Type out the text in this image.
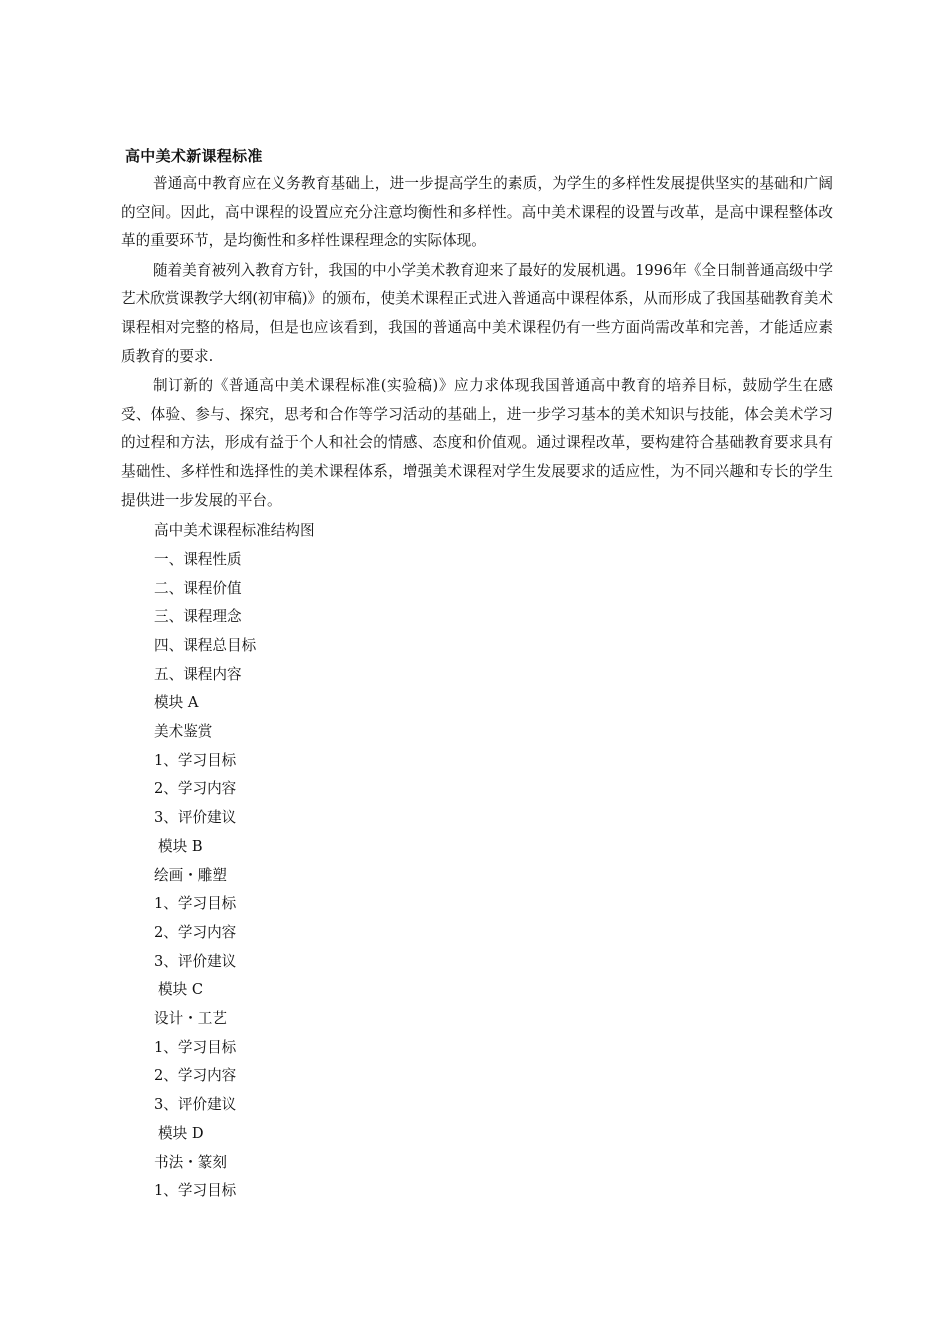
高中美术新课程标准

普通高中教育应在义务教育基础上，进一步提高学生的素质，为学生的多样性发展提供坚实的基础和广阔的空间。因此，高中课程的设置应充分注意均衡性和多样性。高中美术课程的设置与改革，是高中课程整体改革的重要环节，是均衡性和多样性课程理念的实际体现。

随着美育被列入教育方针，我国的中小学美术教育迎来了最好的发展机遇。1996年《全日制普通高级中学艺术欣赏课教学大纲(初审稿)》的颁布，使美术课程正式进入普通高中课程体系，从而形成了我国基础教育美术课程相对完整的格局，但是也应该看到，我国的普通高中美术课程仍有一些方面尚需改革和完善，才能适应素质教育的要求.

制订新的《普通高中美术课程标准(实验稿)》应力求体现我国普通高中教育的培养目标，鼓励学生在感受、体验、参与、探究，思考和合作等学习活动的基础上，进一步学习基本的美术知识与技能，体会美术学习的过程和方法，形成有益于个人和社会的情感、态度和价值观。通过课程改革，要构建符合基础教育要求具有基础性、多样性和选择性的美术课程体系，增强美术课程对学生发展要求的适应性，为不同兴趣和专长的学生提供进一步发展的平台。

高中美术课程标准结构图
一、课程性质
二、课程价值
三、课程理念
四、课程总目标
五、课程内容
模块 A
美术鉴赏
1、学习目标
2、学习内容
3、评价建议
模块 B
绘画・雕塑
1、学习目标
2、学习内容
3、评价建议
模块 C
设计・工艺
1、学习目标
2、学习内容
3、评价建议
模块 D
书法・篆刻
1、学习目标
